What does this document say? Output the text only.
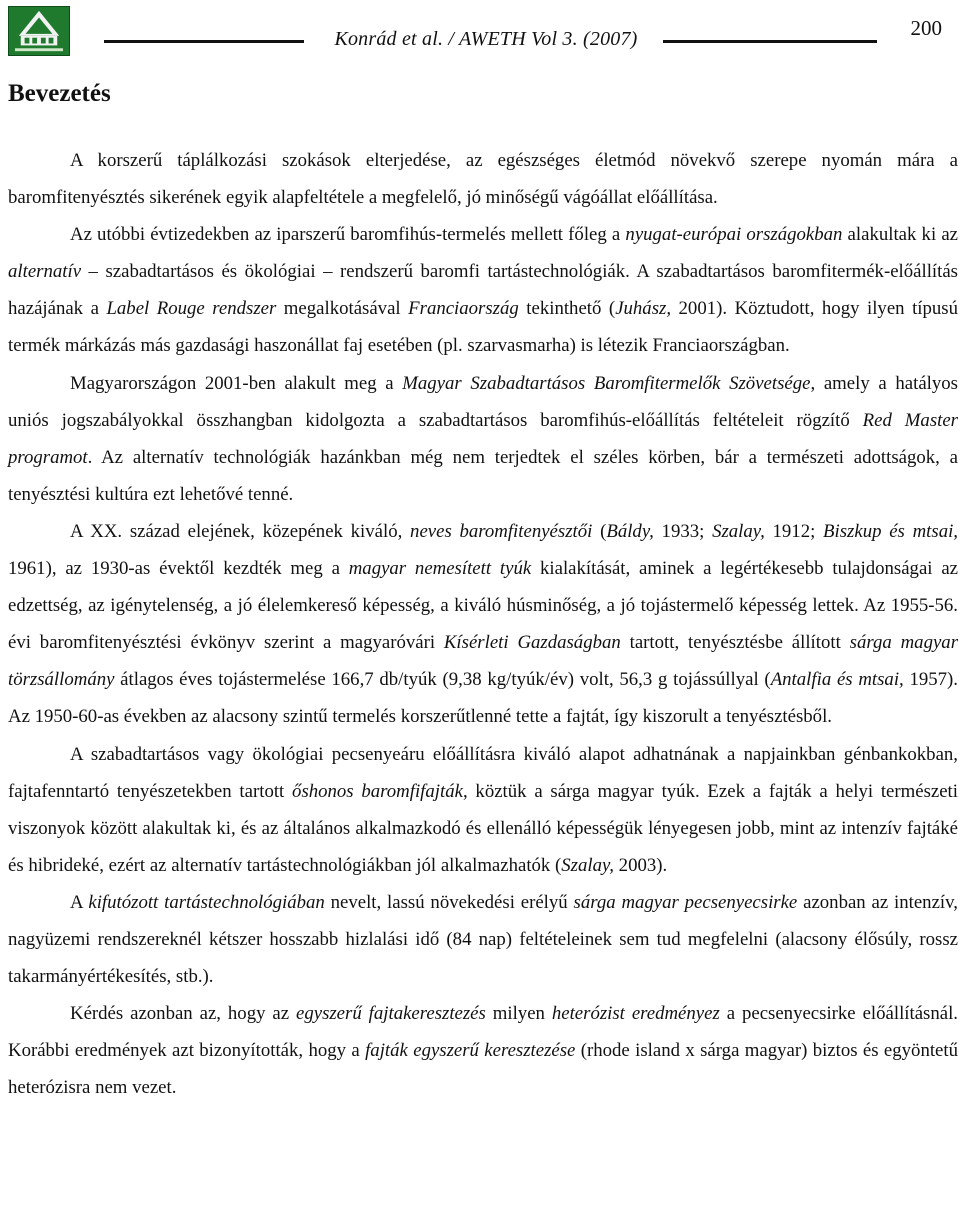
Konrád et al. / AWETH Vol 3. (2007)	200
Bevezetés

A korszerű táplálkozási szokások elterjedése, az egészséges életmód növekvő szerepe nyomán mára a baromfitenyésztés sikerének egyik alapfeltétele a megfelelő, jó minőségű vágóállat előállítása.

Az utóbbi évtizedekben az iparszerű baromfihús-termelés mellett főleg a nyugat-európai országokban alakultak ki az alternatív – szabadtartásos és ökológiai – rendszerű baromfi tartástechnológiák. A szabadtartásos baromfitermék-előállítás hazájának a Label Rouge rendszer megalkotásával Franciaország tekinthető (Juhász, 2001). Köztudott, hogy ilyen típusú termék márkázás más gazdasági haszonállat faj esetében (pl. szarvasmarha) is létezik Franciaországban.

Magyarországon 2001-ben alakult meg a Magyar Szabadtartásos Baromfitermelők Szövetsége, amely a hatályos uniós jogszabályokkal összhangban kidolgozta a szabadtartásos baromfihús-előállítás feltételeit rögzítő Red Master programot. Az alternatív technológiák hazánkban még nem terjedtek el széles körben, bár a természeti adottságok, a tenyésztési kultúra ezt lehetővé tenné.

A XX. század elejének, közepének kiváló, neves baromfitenyésztői (Báldy, 1933; Szalay, 1912; Biszkup és mtsai, 1961), az 1930-as évektől kezdték meg a magyar nemesített tyúk kialakítását, aminek a legértékesebb tulajdonságai az edzettség, az igénytelenség, a jó élelemkereső képesség, a kiváló húsminőség, a jó tojástermelő képesség lettek. Az 1955-56. évi baromfitenyésztési évkönyv szerint a magyaróvári Kísérleti Gazdaságban tartott, tenyésztésbe állított sárga magyar törzsállomány átlagos éves tojástermelése 166,7 db/tyúk (9,38 kg/tyúk/év) volt, 56,3 g tojássúllyal (Antalfia és mtsai, 1957). Az 1950-60-as években az alacsony szintű termelés korszerűtlenné tette a fajtát, így kiszorult a tenyésztésből.

A szabadtartásos vagy ökológiai pecsenyeáru előállításra kiváló alapot adhatnának a napjainkban génbankokban, fajtafenntartó tenyészetekben tartott őshonos baromfifajták, köztük a sárga magyar tyúk. Ezek a fajták a helyi természeti viszonyok között alakultak ki, és az általános alkalmazkodó és ellenálló képességük lényegesen jobb, mint az intenzív fajtáké és hibrideké, ezért az alternatív tartástechnológiákban jól alkalmazhatók (Szalay, 2003).

A kifutózott tartástechnológiában nevelt, lassú növekedési erélyű sárga magyar pecsenyecsirke azonban az intenzív, nagyüzemi rendszereknél kétszer hosszabb hizlalási idő (84 nap) feltételeinek sem tud megfelelni (alacsony élősúly, rossz takarmányértékesítés, stb.).

Kérdés azonban az, hogy az egyszerű fajtakeresztezés milyen heterózist eredményez a pecsenyecsirke előállításnál. Korábbi eredmények azt bizonyították, hogy a fajták egyszerű keresztezése (rhode island x sárga magyar) biztos és egyöntetű heterózisra nem vezet.
